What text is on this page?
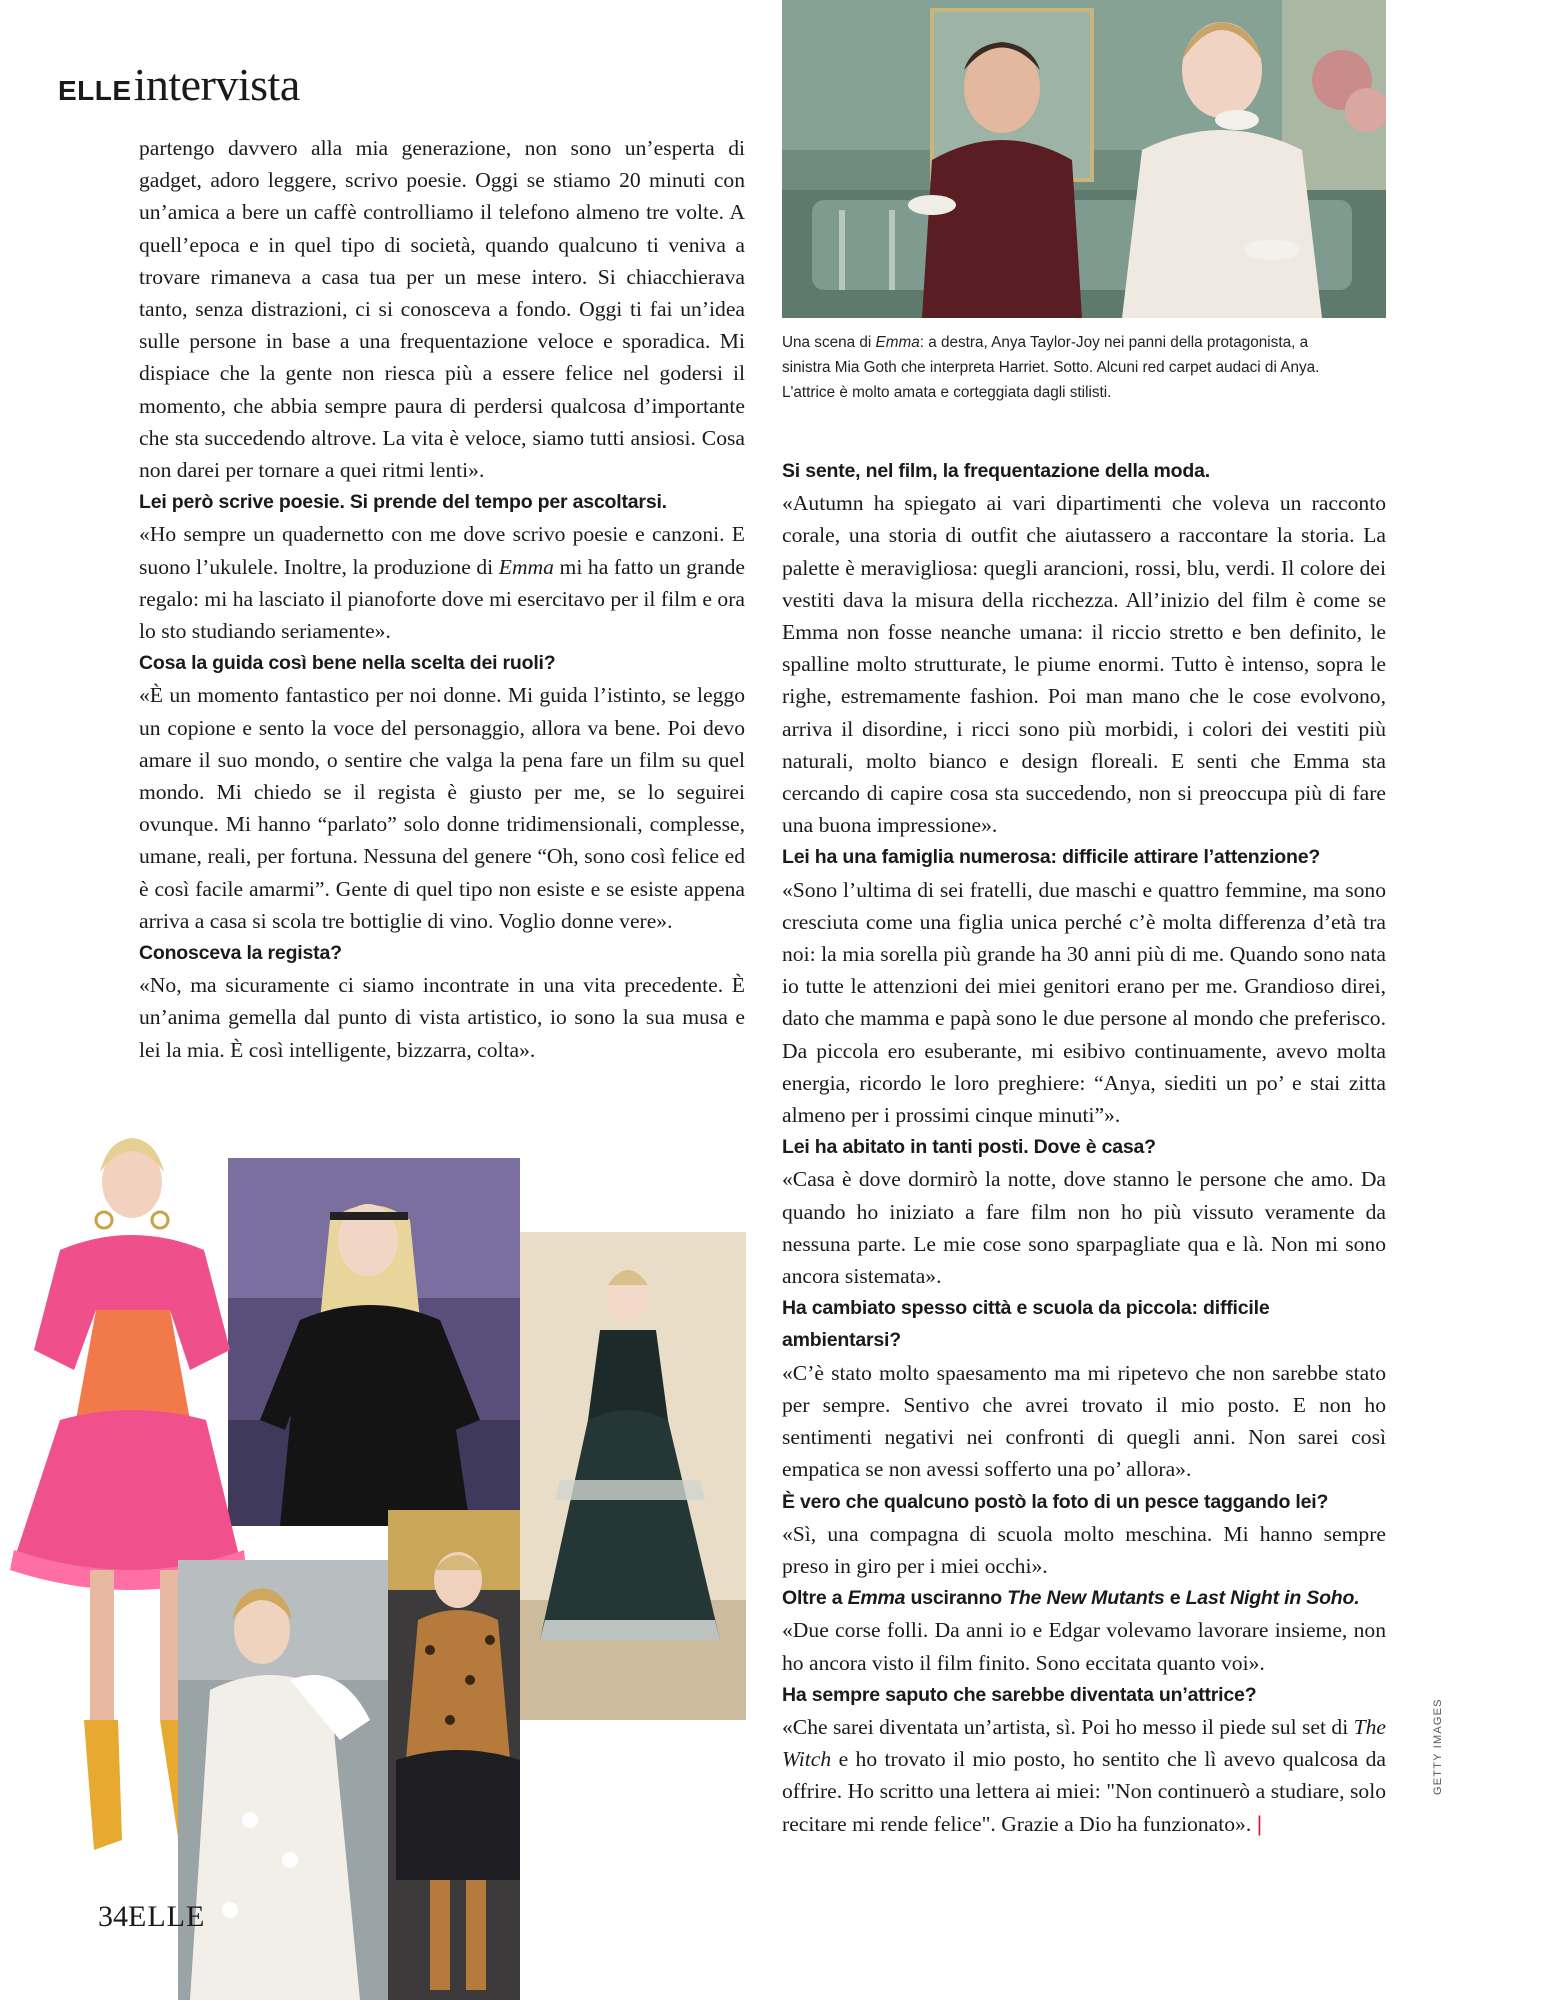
ELLE intervista
Una scena di Emma: a destra, Anya Taylor-Joy nei panni della protagonista, a sinistra Mia Goth che interpreta Harriet. Sotto. Alcuni red carpet audaci di Anya. L'attrice è molto amata e corteggiata dagli stilisti.

partengo davvero alla mia generazione, non sono un’esperta di gadget, adoro leggere, scrivo poesie. Oggi se stiamo 20 minuti con un’amica a bere un caffè controlliamo il telefono almeno tre volte. A quell’epoca e in quel tipo di società, quando qualcuno ti veniva a trovare rimaneva a casa tua per un mese intero. Si chiacchierava tanto, senza distrazioni, ci si conosceva a fondo. Oggi ti fai un’idea sulle persone in base a una frequentazione veloce e sporadica. Mi dispiace che la gente non riesca più a essere felice nel godersi il momento, che abbia sempre paura di perdersi qualcosa d’importante che sta succedendo altrove. La vita è veloce, siamo tutti ansiosi. Cosa non darei per tornare a quei ritmi lenti».

Lei però scrive poesie. Si prende del tempo per ascoltarsi.

«Ho sempre un quadernetto con me dove scrivo poesie e canzoni. E suono l’ukulele. Inoltre, la produzione di Emma mi ha fatto un grande regalo: mi ha lasciato il pianoforte dove mi esercitavo per il film e ora lo sto studiando seriamente».

Cosa la guida così bene nella scelta dei ruoli?

«È un momento fantastico per noi donne. Mi guida l’istinto, se leggo un copione e sento la voce del personaggio, allora va bene. Poi devo amare il suo mondo, o sentire che valga la pena fare un film su quel mondo. Mi chiedo se il regista è giusto per me, se lo seguirei ovunque. Mi hanno “parlato” solo donne tridimensionali, complesse, umane, reali, per fortuna. Nessuna del genere “Oh, sono così felice ed è così facile amarmi”. Gente di quel tipo non esiste e se esiste appena arriva a casa si scola tre bottiglie di vino. Voglio donne vere».

Conosceva la regista?

«No, ma sicuramente ci siamo incontrate in una vita precedente. È un’anima gemella dal punto di vista artistico, io sono la sua musa e lei la mia. È così intelligente, bizzarra, colta».

Si sente, nel film, la frequentazione della moda.

«Autumn ha spiegato ai vari dipartimenti che voleva un racconto corale, una storia di outfit che aiutassero a raccontare la storia. La palette è meravigliosa: quegli arancioni, rossi, blu, verdi. Il colore dei vestiti dava la misura della ricchezza. All’inizio del film è come se Emma non fosse neanche umana: il riccio stretto e ben definito, le spalline molto strutturate, le piume enormi. Tutto è intenso, sopra le righe, estremamente fashion. Poi man mano che le cose evolvono, arriva il disordine, i ricci sono più morbidi, i colori dei vestiti più naturali, molto bianco e design floreali. E senti che Emma sta cercando di capire cosa sta succedendo, non si preoccupa più di fare una buona impressione».

Lei ha una famiglia numerosa: difficile attirare l’attenzione?

«Sono l’ultima di sei fratelli, due maschi e quattro femmine, ma sono cresciuta come una figlia unica perché c’è molta differenza d’età tra noi: la mia sorella più grande ha 30 anni più di me. Quando sono nata io tutte le attenzioni dei miei genitori erano per me. Grandioso direi, dato che mamma e papà sono le due persone al mondo che preferisco. Da piccola ero esuberante, mi esibivo continuamente, avevo molta energia, ricordo le loro preghiere: “Anya, siediti un po’ e stai zitta almeno per i prossimi cinque minuti”».

Lei ha abitato in tanti posti. Dove è casa?

«Casa è dove dormirò la notte, dove stanno le persone che amo. Da quando ho iniziato a fare film non ho più vissuto veramente da nessuna parte. Le mie cose sono sparpagliate qua e là. Non mi sono ancora sistemata».

Ha cambiato spesso città e scuola da piccola: difficile ambientarsi?

«C’è stato molto spaesamento ma mi ripetevo che non sarebbe stato per sempre. Sentivo che avrei trovato il mio posto. E non ho sentimenti negativi nei confronti di quegli anni. Non sarei così empatica se non avessi sofferto una po’ allora».

È vero che qualcuno postò la foto di un pesce taggando lei?

«Sì, una compagna di scuola molto meschina. Mi hanno sempre preso in giro per i miei occhi».

Oltre a Emma usciranno The New Mutants e Last Night in Soho.

«Due corse folli. Da anni io e Edgar volevamo lavorare insieme, non ho ancora visto il film finito. Sono eccitata quanto voi».

Ha sempre saputo che sarebbe diventata un’attrice?

«Che sarei diventata un’artista, sì. Poi ho messo il piede sul set di The Witch e ho trovato il mio posto, ho sentito che lì avevo qualcosa da offrire. Ho scritto una lettera ai miei: "Non continuerò a studiare, solo recitare mi rende felice". Grazie a Dio ha funzionato». |

34 ELLE
GETTY IMAGES
